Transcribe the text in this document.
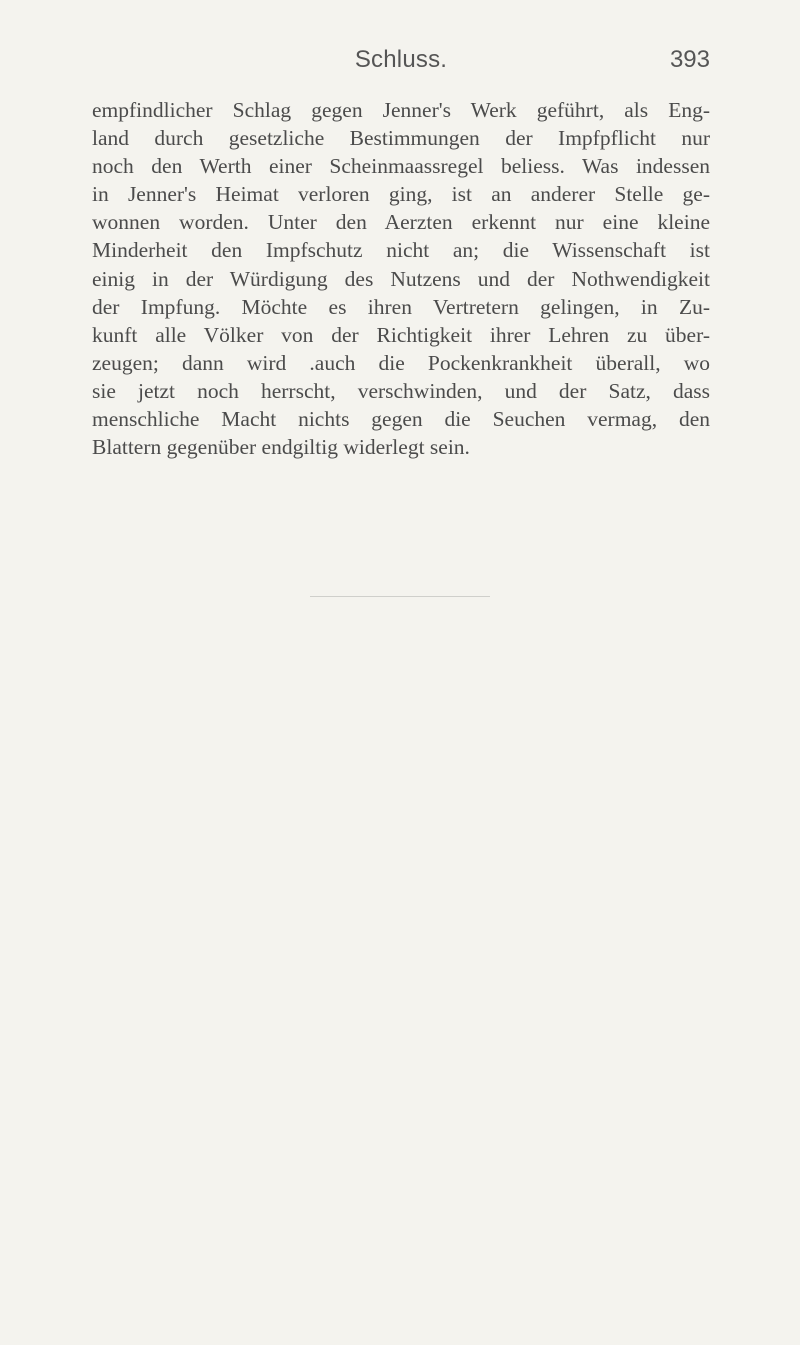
Schluss.	393
empfindlicher Schlag gegen Jenner's Werk geführt, als Eng-
land durch gesetzliche Bestimmungen der Impfpflicht nur
noch den Werth einer Scheinmaassregel beliess. Was indessen
in Jenner's Heimat verloren ging, ist an anderer Stelle ge-
wonnen worden. Unter den Aerzten erkennt nur eine kleine
Minderheit den Impfschutz nicht an; die Wissenschaft ist
einig in der Würdigung des Nutzens und der Nothwendigkeit
der Impfung. Möchte es ihren Vertretern gelingen, in Zu-
kunft alle Völker von der Richtigkeit ihrer Lehren zu über-
zeugen; dann wird .auch die Pockenkrankheit überall, wo
sie jetzt noch herrscht, verschwinden, und der Satz, dass
menschliche Macht nichts gegen die Seuchen vermag, den
Blattern gegenüber endgiltig widerlegt sein.
